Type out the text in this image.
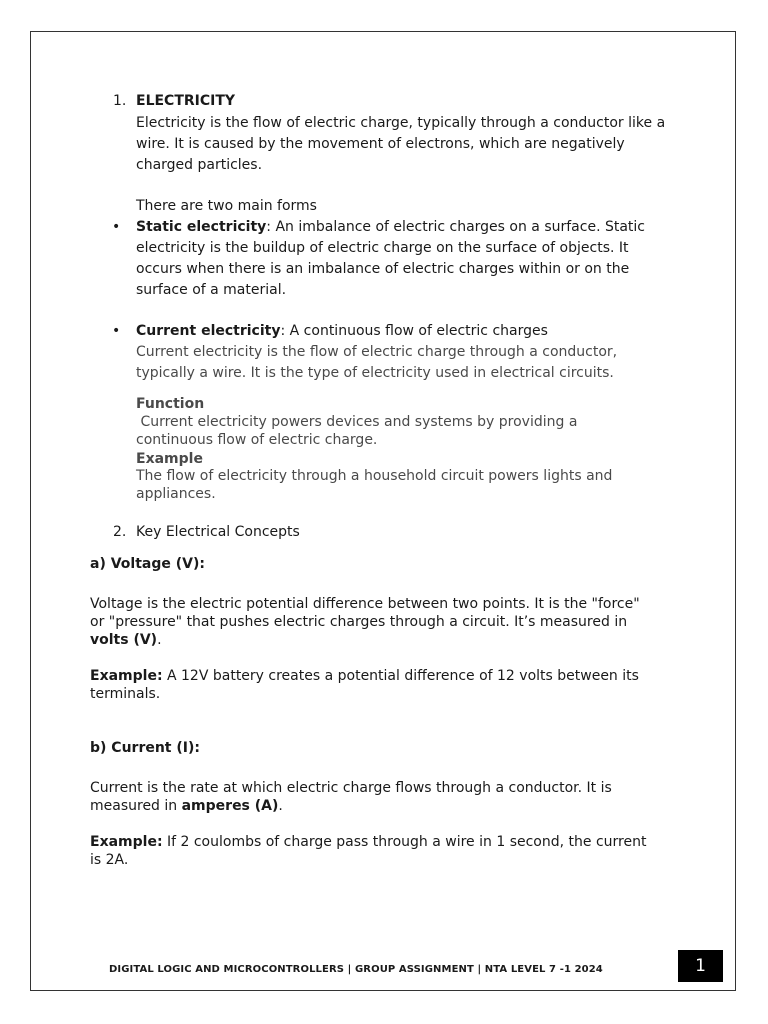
1. ELECTRICITY

Electricity is the flow of electric charge, typically through a conductor like a wire. It is caused by the movement of electrons, which are negatively charged particles.

There are two main forms

• Static electricity: An imbalance of electric charges on a surface. Static electricity is the buildup of electric charge on the surface of objects. It occurs when there is an imbalance of electric charges within or on the surface of a material.

• Current electricity: A continuous flow of electric charges

Current electricity is the flow of electric charge through a conductor, typically a wire. It is the type of electricity used in electrical circuits.

Function

Current electricity powers devices and systems by providing a continuous flow of electric charge.

Example

The flow of electricity through a household circuit powers lights and appliances.

2. Key Electrical Concepts

a) Voltage (V):

Voltage is the electric potential difference between two points. It is the "force" or "pressure" that pushes electric charges through a circuit. It’s measured in volts (V).

Example: A 12V battery creates a potential difference of 12 volts between its terminals.

b) Current (I):

Current is the rate at which electric charge flows through a conductor. It is measured in amperes (A).

Example: If 2 coulombs of charge pass through a wire in 1 second, the current is 2A.

DIGITAL LOGIC AND MICROCONTROLLERS | GROUP ASSIGNMENT | NTA LEVEL 7 -1 2024	1
